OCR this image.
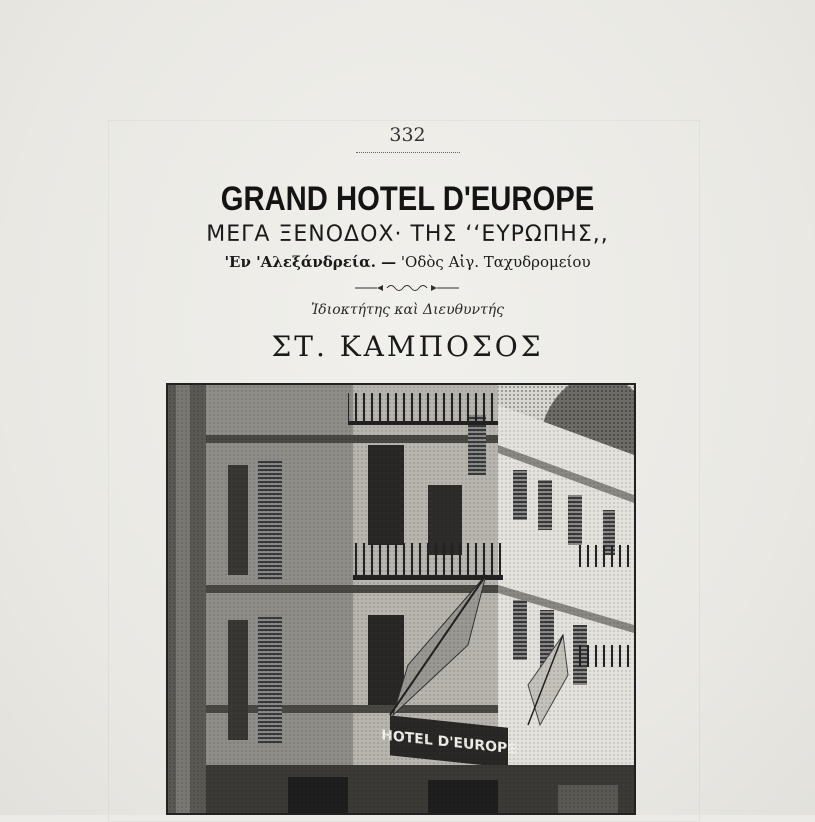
332
GRAND HOTEL D'EUROPE
ΜΕΓΑ ΞΕΝΟΔΟΧ· ΤΗΣ ‘‘ΕΥΡΩΠΗΣ,,
'Εν 'Αλεξάνδρεία. — 'Οδὸς Αἰγ. Ταχυδρομείου
Ἰδιοκτήτης καὶ Διευθυντής
ΣΤ. ΚΑΜΠΟΣΟΣ
